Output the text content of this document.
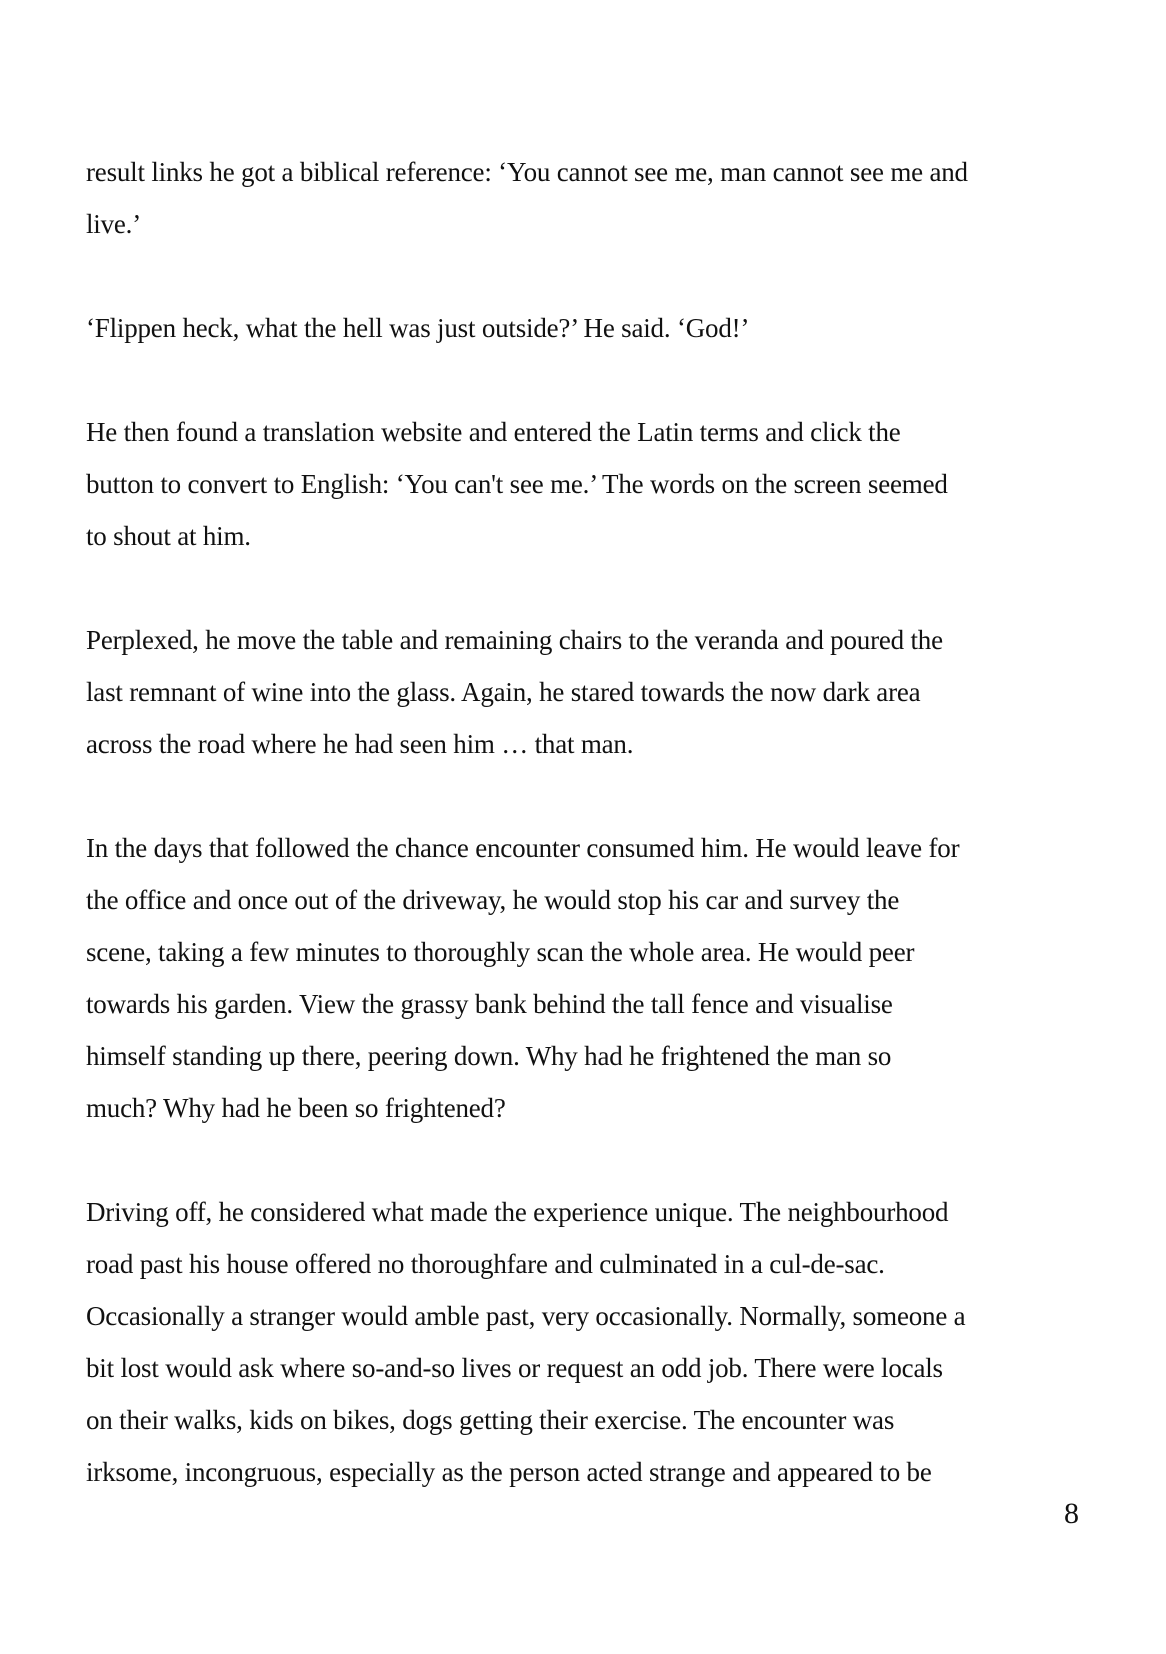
result links he got a biblical reference: ‘You cannot see me, man cannot see me and
live.’

‘Flippen heck, what the hell was just outside?’ He said. ‘God!’

He then found a translation website and entered the Latin terms and click the
button to convert to English: ‘You can't see me.’ The words on the screen seemed
to shout at him.

Perplexed, he move the table and remaining chairs to the veranda and poured the
last remnant of wine into the glass. Again, he stared towards the now dark area
across the road where he had seen him … that man.

In the days that followed the chance encounter consumed him. He would leave for
the office and once out of the driveway, he would stop his car and survey the
scene, taking a few minutes to thoroughly scan the whole area. He would peer
towards his garden. View the grassy bank behind the tall fence and visualise
himself standing up there, peering down. Why had he frightened the man so
much? Why had he been so frightened?

Driving off, he considered what made the experience unique. The neighbourhood
road past his house offered no thoroughfare and culminated in a cul-de-sac.
Occasionally a stranger would amble past, very occasionally. Normally, someone a
bit lost would ask where so-and-so lives or request an odd job. There were locals
on their walks, kids on bikes, dogs getting their exercise. The encounter was
irksome, incongruous, especially as the person acted strange and appeared to be

8
